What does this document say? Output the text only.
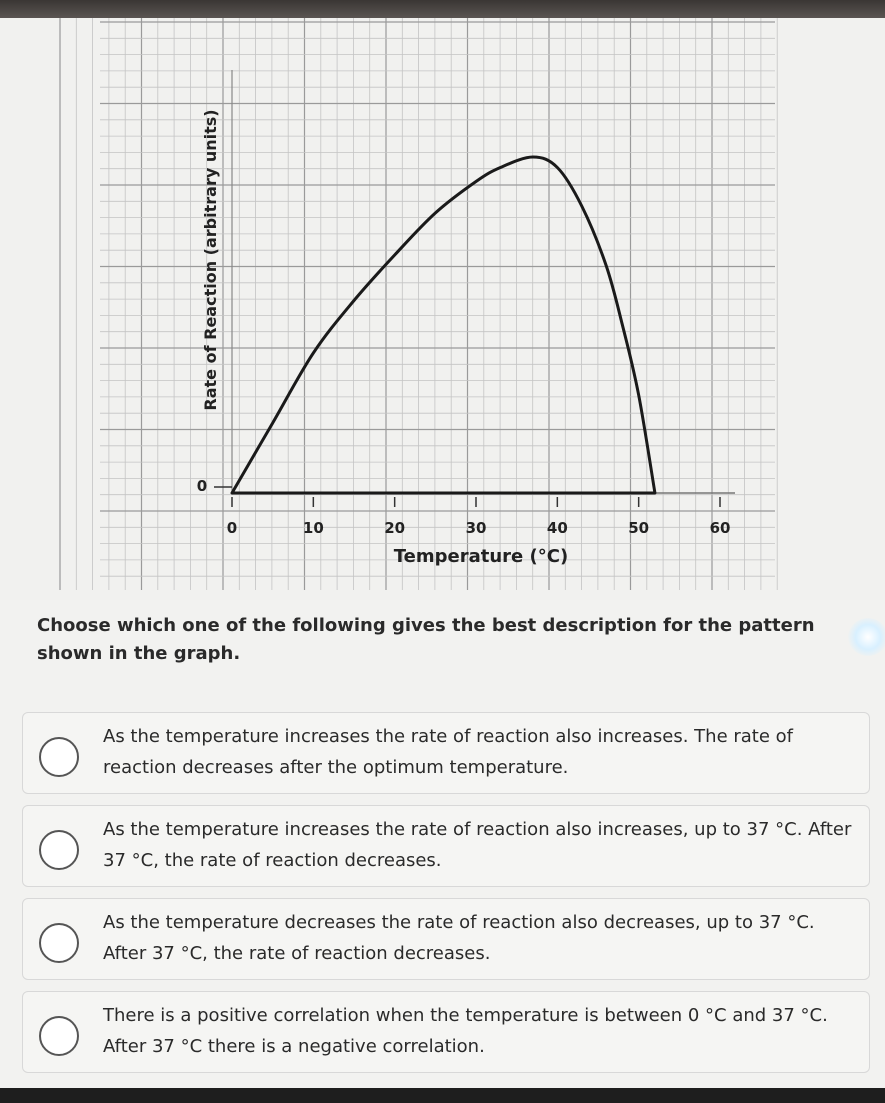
0	10	20	30	40	50	60
0
Rate of Reaction (arbitrary units)
Temperature (°C)
Choose which one of the following gives the best description for the pattern shown in the graph.
As the temperature increases the rate of reaction also increases. The rate of reaction decreases after the optimum temperature.
As the temperature increases the rate of reaction also increases, up to 37 °C. After 37 °C, the rate of reaction decreases.
As the temperature decreases the rate of reaction also decreases, up to 37 °C. After 37 °C, the rate of reaction decreases.
There is a positive correlation when the temperature is between 0 °C and 37 °C. After 37 °C there is a negative correlation.
